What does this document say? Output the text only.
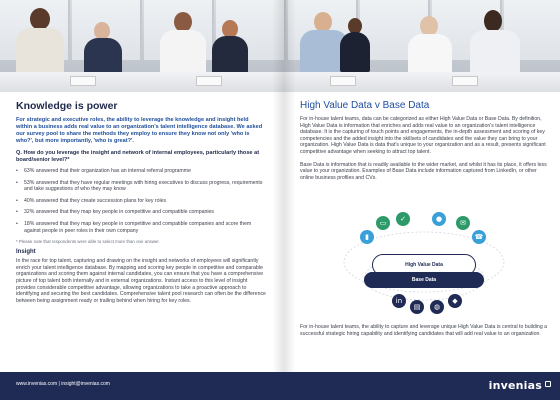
Knowledge is power

For strategic and executive roles, the ability to leverage the knowledge and insight held within a business adds real value to an organization's talent intelligence database. We asked our survey pool to share the methods they employ to ensure they know not only 'who is who?', but more importantly, 'who is great?'.

Q. How do you leverage the insight and network of internal employees, particularly those at board/senior level?*

• 63% answered that their organization has an internal referral programme
• 53% answered that they have regular meetings with hiring executives to discuss progress, requirements and take suggestions of who they may know
• 40% answered that they create succession plans for key roles
• 32% answered that they map key people in competitive and compatible companies
• 18% answered that they map key people in competitive and compatible companies and score them against people in peer roles in their own company

* Please note that respondents were able to select more than one answer.

Insight

In the race for top talent, capturing and drawing on the insight and networks of employees will significantly enrich your talent intelligence database. By mapping and scoring key people in competitive and comparable organizations and scoring them against internal candidates, you can ensure that you have a comprehensive picture of top talent both internally and in external organizations. Instant access to this level of insight provides considerable competitive advantage, allowing organizations to take a proactive approach to identifying and securing the best candidates. Comprehensive talent pool research can often be the difference between being assignment ready or trailing behind when hiring for key roles.

High Value Data v Base Data

For in-house talent teams, data can be categorized as either High Value Data or Base Data. By definition, High Value Data is information that enriches and adds real value to an organization's talent intelligence database. It is the capturing of touch points and engagements, the in-depth assessment and scoring of key competencies and the added insight into the skillsets of candidates and the value they can bring to your organization. High Value Data is data that's unique to your organization and as a result, presents significant competitive advantage when seeking to attract top talent.

Base Data is information that is readily available to the wider market, and whilst it has its place, it offers less value to your organization. Examples of Base Data include information captured from LinkedIn, or other online business profiles and CVs.

▮
▭	✓	●	✉
☎
High Value Data
Base Data
in
▤	◍
◆

For in-house talent teams, the ability to capture and leverage unique High Value Data is central to building a successful strategic hiring capability and identifying candidates that will add real value to an organization.

www.invenias.com | insight@invenias.com	invenias
